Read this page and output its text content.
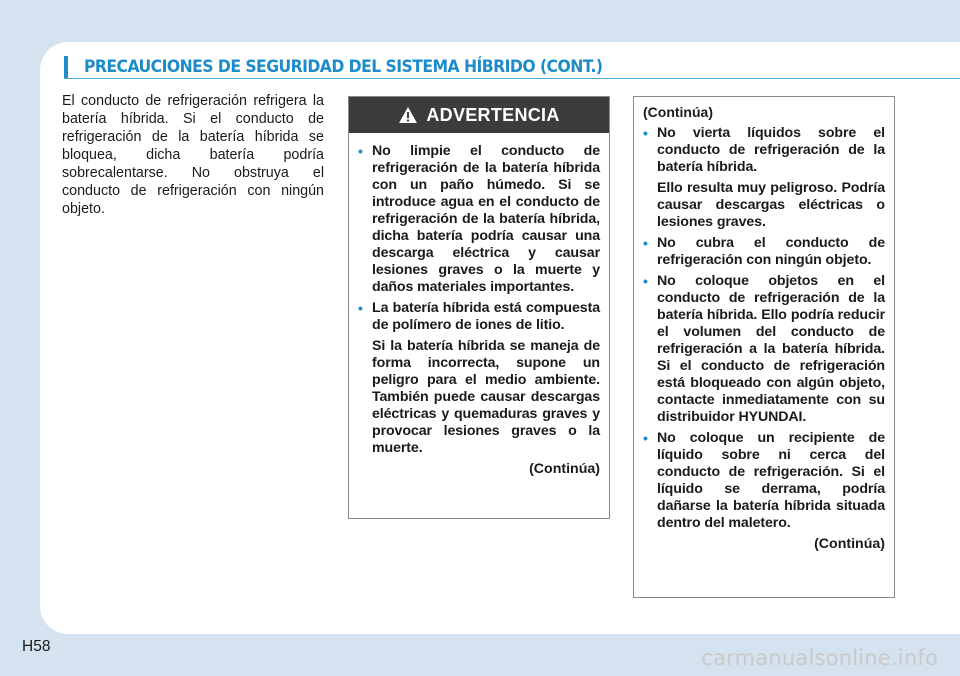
PRECAUCIONES DE SEGURIDAD DEL SISTEMA HÍBRIDO (CONT.)

El conducto de refrigeración refrigera la batería híbrida. Si el conducto de refrigeración de la batería híbrida se bloquea, dicha batería podría sobrecalentarse. No obstruya el conducto de refrigeración con ningún objeto.

ADVERTENCIA
• No limpie el conducto de refrigeración de la batería híbrida con un paño húmedo. Si se introduce agua en el conducto de refrigeración de la batería híbrida, dicha batería podría causar una descarga eléctrica y causar lesiones graves o la muerte y daños materiales importantes.
• La batería híbrida está compuesta de polímero de iones de litio.
Si la batería híbrida se maneja de forma incorrecta, supone un peligro para el medio ambiente. También puede causar descargas eléctricas y quemaduras graves y provocar lesiones graves o la muerte.

(Continúa)

(Continúa)

• No vierta líquidos sobre el conducto de refrigeración de la batería híbrida.
Ello resulta muy peligroso. Podría causar descargas eléctricas o lesiones graves.
• No cubra el conducto de refrigeración con ningún objeto.
• No coloque objetos en el conducto de refrigeración de la batería híbrida. Ello podría reducir el volumen del conducto de refrigeración a la batería híbrida. Si el conducto de refrigeración está bloqueado con algún objeto, contacte inmediatamente con su distribuidor HYUNDAI.
• No coloque un recipiente de líquido sobre ni cerca del conducto de refrigeración. Si el líquido se derrama, podría dañarse la batería híbrida situada dentro del maletero.

(Continúa)

H58	carmanualsonline.info
